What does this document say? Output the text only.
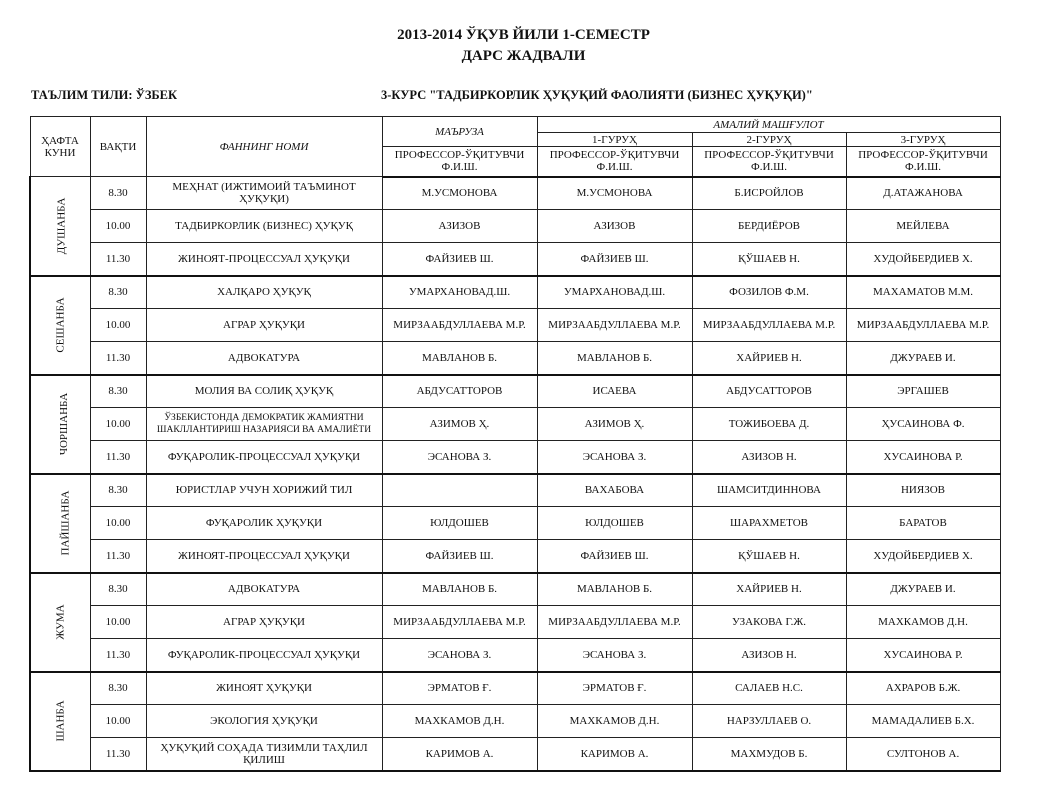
2013-2014 ЎҚУВ ЙИЛИ 1-СЕМЕСТР
ДАРС ЖАДВАЛИ
ТАЪЛИМ ТИЛИ: ЎЗБЕК	3-КУРС "ТАДБИРКОРЛИК ҲУҚУҚИЙ ФАОЛИЯТИ (БИЗНЕС ҲУҚУҚИ)"
ҲАФТА КУНИ	ВАҚТИ	ФАННИНГ НОМИ	МАЪРУЗА	АМАЛИЙ МАШҒУЛОТ		
				1-ГУРУҲ	2-ГУРУҲ	3-ГУРУҲ
			ПРОФЕССОР-ЎҚИТУВЧИ Ф.И.Ш.	ПРОФЕССОР-ЎҚИТУВЧИ Ф.И.Ш.	ПРОФЕССОР-ЎҚИТУВЧИ Ф.И.Ш.	ПРОФЕССОР-ЎҚИТУВЧИ Ф.И.Ш.
ДУШАНБА	8.30	МЕҲНАТ (ИЖТИМОИЙ ТАЪМИНОТ ҲУҚУҚИ)	М.УСМОНОВА	М.УСМОНОВА	Б.ИСРОЙЛОВ	Д.АТАЖАНОВА
	10.00	ТАДБИРКОРЛИК (БИЗНЕС) ҲУҚУҚ	АЗИЗОВ	АЗИЗОВ	БЕРДИЁРОВ	МЕЙЛЕВА
	11.30	ЖИНОЯТ-ПРОЦЕССУАЛ ҲУҚУҚИ	ФАЙЗИЕВ Ш.	ФАЙЗИЕВ Ш.	ҚЎШАЕВ Н.	ХУДОЙБЕРДИЕВ Х.
СЕШАНБА	8.30	ХАЛҚАРО ҲУҚУҚ	УМАРХАНОВАД.Ш.	УМАРХАНОВАД.Ш.	ФОЗИЛОВ Ф.М.	МАХАМАТОВ М.М.
	10.00	АГРАР ҲУҚУҚИ	МИРЗААБДУЛЛАЕВА М.Р.	МИРЗААБДУЛЛАЕВА М.Р.	МИРЗААБДУЛЛАЕВА М.Р.	МИРЗААБДУЛЛАЕВА М.Р.
	11.30	АДВОКАТУРА	МАВЛАНОВ Б.	МАВЛАНОВ Б.	ХАЙРИЕВ Н.	ДЖУРАЕВ И.
ЧОРШАНБА	8.30	МОЛИЯ ВА СОЛИҚ ҲУҚУҚ	АБДУСАТТОРОВ	ИСАЕВА	АБДУСАТТОРОВ	ЭРГАШЕВ
	10.00	ЎЗБЕКИСТОНДА ДЕМОКРАТИК ЖАМИЯТНИ ШАКЛЛАНТИРИШ НАЗАРИЯСИ ВА АМАЛИЁТИ	АЗИМОВ Ҳ.	АЗИМОВ Ҳ.	ТОЖИБОЕВА Д.	ҲУСАИНОВА Ф.
	11.30	ФУҚАРОЛИК-ПРОЦЕССУАЛ ҲУҚУҚИ	ЭСАНОВА З.	ЭСАНОВА З.	АЗИЗОВ Н.	ХУСАИНОВА Р.
ПАЙШАНБА	8.30	ЮРИСТЛАР УЧУН ХОРИЖИЙ ТИЛ		ВАХАБОВА	ШАМСИТДИННОВА	НИЯЗОВ
	10.00	ФУҚАРОЛИК ҲУҚУҚИ	ЮЛДОШЕВ	ЮЛДОШЕВ	ШАРАХМЕТОВ	БАРАТОВ
	11.30	ЖИНОЯТ-ПРОЦЕССУАЛ ҲУҚУҚИ	ФАЙЗИЕВ Ш.	ФАЙЗИЕВ Ш.	ҚЎШАЕВ Н.	ХУДОЙБЕРДИЕВ Х.
ЖУМА	8.30	АДВОКАТУРА	МАВЛАНОВ Б.	МАВЛАНОВ Б.	ХАЙРИЕВ Н.	ДЖУРАЕВ И.
	10.00	АГРАР ҲУҚУҚИ	МИРЗААБДУЛЛАЕВА М.Р.	МИРЗААБДУЛЛАЕВА М.Р.	УЗАКОВА Г.Ж.	МАХКАМОВ Д.Н.
	11.30	ФУҚАРОЛИК-ПРОЦЕССУАЛ ҲУҚУҚИ	ЭСАНОВА З.	ЭСАНОВА З.	АЗИЗОВ Н.	ХУСАИНОВА Р.
ШАНБА	8.30	ЖИНОЯТ ҲУҚУҚИ	ЭРМАТОВ Ғ.	ЭРМАТОВ Ғ.	САЛАЕВ Н.С.	АХРАРОВ Б.Ж.
	10.00	ЭКОЛОГИЯ ҲУҚУҚИ	МАХКАМОВ Д.Н.	МАХКАМОВ Д.Н.	НАРЗУЛЛАЕВ О.	МАМАДАЛИЕВ Б.Х.
	11.30	ҲУҚУҚИЙ СОҲАДА ТИЗИМЛИ ТАҲЛИЛ ҚИЛИШ	КАРИМОВ А.	КАРИМОВ А.	МАХМУДОВ Б.	СУЛТОНОВ А.
